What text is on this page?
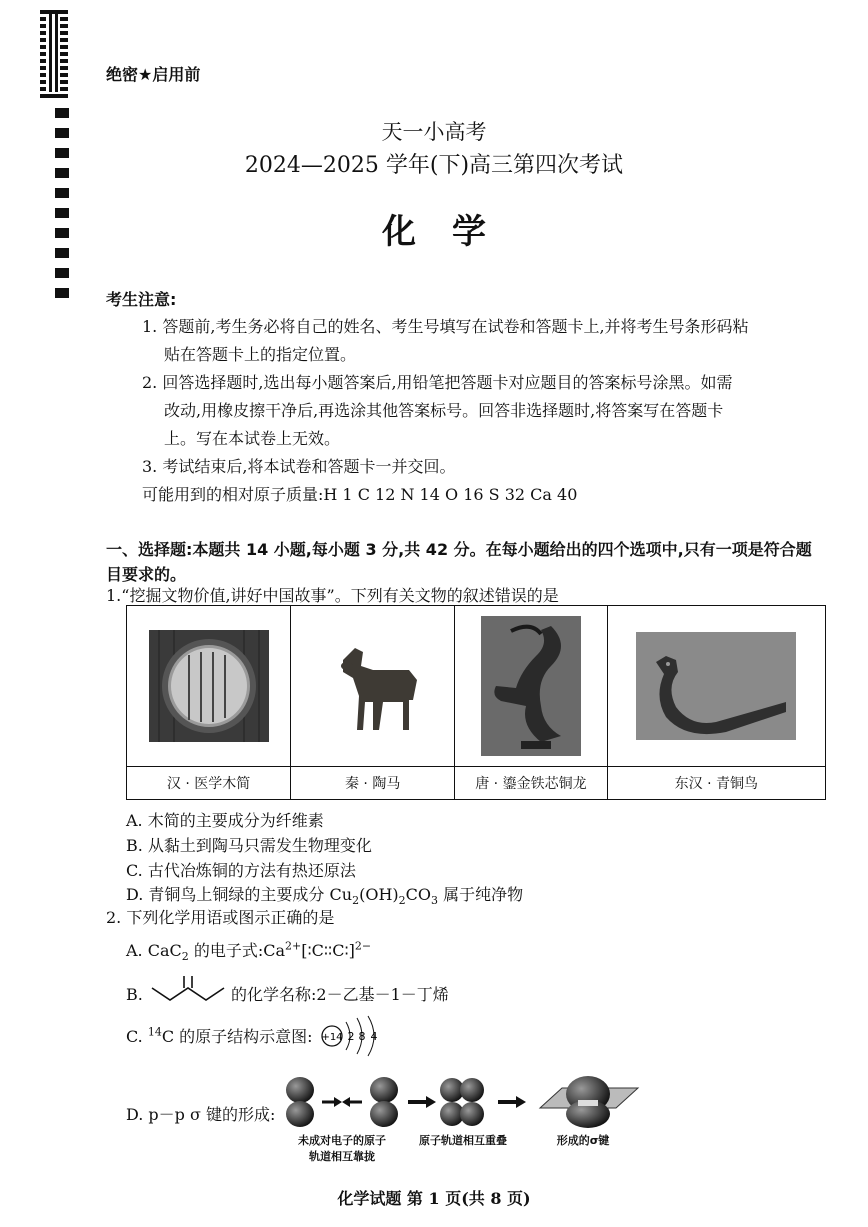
绝密★启用前
天一小高考
2024—2025 学年(下)高三第四次考试
化学
考生注意:
1. 答题前,考生务必将自己的姓名、考生号填写在试卷和答题卡上,并将考生号条形码粘
贴在答题卡上的指定位置。
2. 回答选择题时,选出每小题答案后,用铅笔把答题卡对应题目的答案标号涂黑。如需
改动,用橡皮擦干净后,再选涂其他答案标号。回答非选择题时,将答案写在答题卡
上。写在本试卷上无效。
3. 考试结束后,将本试卷和答题卡一并交回。
可能用到的相对原子质量:H 1 C 12 N 14 O 16 S 32 Ca 40
一、选择题:本题共 14 小题,每小题 3 分,共 42 分。在每小题给出的四个选项中,只有一项是符合题目要求的。
1.“挖掘文物价值,讲好中国故事”。下列有关文物的叙述错误的是

汉 · 医学木简	秦 · 陶马	唐 · 鎏金铁芯铜龙	东汉 · 青铜鸟
A. 木简的主要成分为纤维素
B. 从黏土到陶马只需发生物理变化
C. 古代冶炼铜的方法有热还原法
D. 青铜鸟上铜绿的主要成分 $Cu_2(OH)_2CO_3$ 属于纯净物
2. 下列化学用语或图示正确的是
A. CaC$_2$ 的电子式$:Ca^{2+}[∶C∶∶C∶]^{2-}$
B.	的化学名称:2－乙基－1－丁烯
C. $^{14}$C 的原子结构示意图: +14 2 8 4
D. p－p σ 键的形成:
未成对电子的原子
轨道相互靠拢
原子轨道相互重叠	形成的σ键
化学试题 第 1 页(共 8 页)
